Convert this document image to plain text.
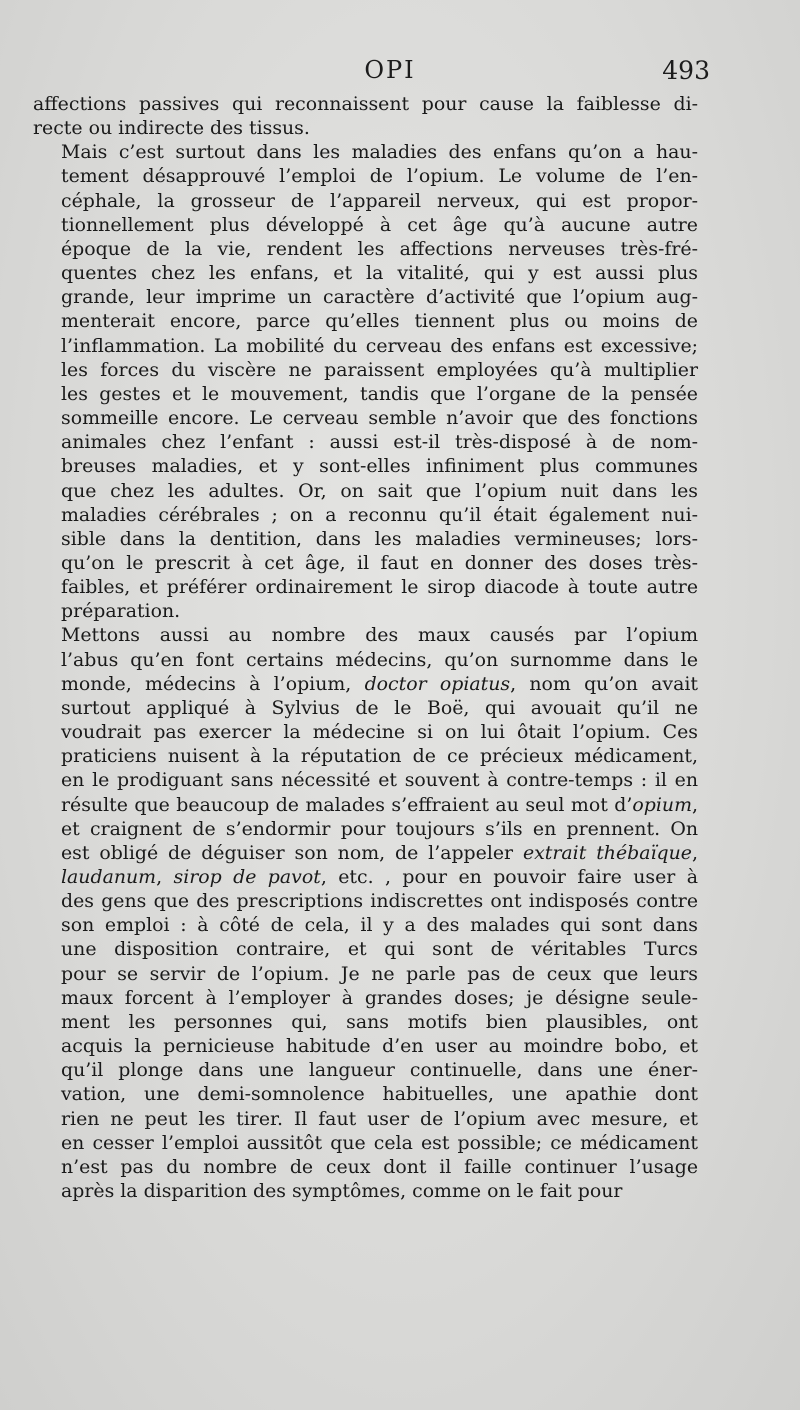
OPI	493

affections passives qui reconnaissent pour cause la faiblesse di-
recte ou indirecte des tissus.

Mais c’est surtout dans les maladies des enfans qu’on a hau-
tement désapprouvé l’emploi de l’opium. Le volume de l’en-
céphale, la grosseur de l’appareil nerveux, qui est propor-
tionnellement plus développé à cet âge qu’à aucune autre
époque de la vie, rendent les affections nerveuses très-fré-
quentes chez les enfans, et la vitalité, qui y est aussi plus
grande, leur imprime un caractère d’activité que l’opium aug-
menterait encore, parce qu’elles tiennent plus ou moins de
l’inflammation. La mobilité du cerveau des enfans est excessive;
les forces du viscère ne paraissent employées qu’à multiplier
les gestes et le mouvement, tandis que l’organe de la pensée
sommeille encore. Le cerveau semble n’avoir que des fonctions
animales chez l’enfant : aussi est-il très-disposé à de nom-
breuses maladies, et y sont-elles infiniment plus communes
que chez les adultes. Or, on sait que l’opium nuit dans les
maladies cérébrales ; on a reconnu qu’il était également nui-
sible dans la dentition, dans les maladies vermineuses; lors-
qu’on le prescrit à cet âge, il faut en donner des doses très-
faibles, et préférer ordinairement le sirop diacode à toute autre
préparation.

Mettons aussi au nombre des maux causés par l’opium
l’abus qu’en font certains médecins, qu’on surnomme dans le
monde, médecins à l’opium, doctor opiatus, nom qu’on avait
surtout appliqué à Sylvius de le Boë, qui avouait qu’il ne
voudrait pas exercer la médecine si on lui ôtait l’opium. Ces
praticiens nuisent à la réputation de ce précieux médicament,
en le prodiguant sans nécessité et souvent à contre-temps : il en
résulte que beaucoup de malades s’effraient au seul mot d’opium,
et craignent de s’endormir pour toujours s’ils en prennent. On
est obligé de déguiser son nom, de l’appeler extrait thébaïque,
laudanum, sirop de pavot, etc. , pour en pouvoir faire user à
des gens que des prescriptions indiscrettes ont indisposés contre
son emploi : à côté de cela, il y a des malades qui sont dans
une disposition contraire, et qui sont de véritables Turcs
pour se servir de l’opium. Je ne parle pas de ceux que leurs
maux forcent à l’employer à grandes doses; je désigne seule-
ment les personnes qui, sans motifs bien plausibles, ont
acquis la pernicieuse habitude d’en user au moindre bobo, et
qu’il plonge dans une langueur continuelle, dans une éner-
vation, une demi-somnolence habituelles, une apathie dont
rien ne peut les tirer. Il faut user de l’opium avec mesure, et
en cesser l’emploi aussitôt que cela est possible; ce médicament
n’est pas du nombre de ceux dont il faille continuer l’usage
après la disparition des symptômes, comme on le fait pour
